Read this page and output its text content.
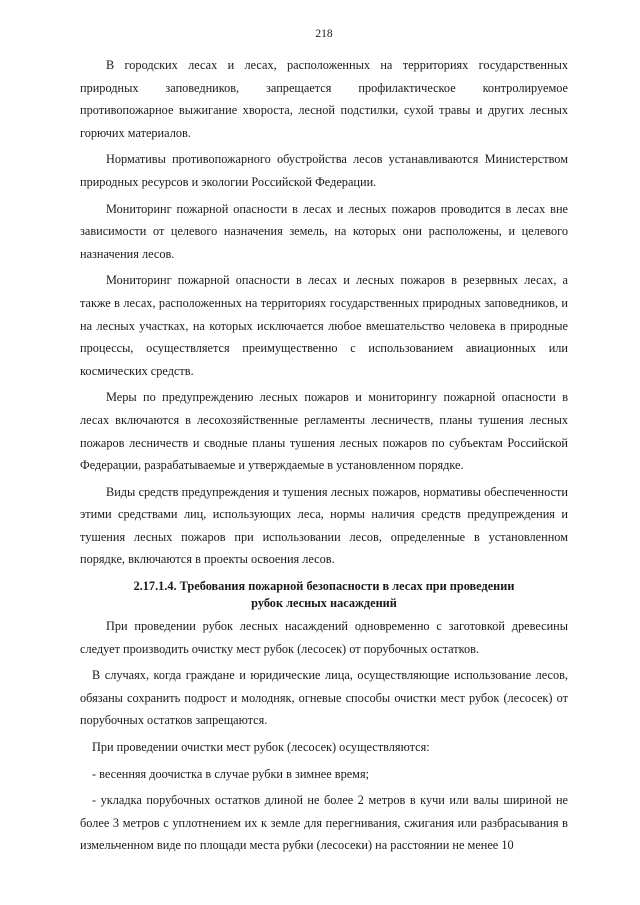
218

В городских лесах и лесах, расположенных на территориях государственных природных заповедников, запрещается профилактическое контролируемое противопожарное выжигание хвороста, лесной подстилки, сухой травы и других лесных горючих материалов.

Нормативы противопожарного обустройства лесов устанавливаются Министерством природных ресурсов и экологии Российской Федерации.

Мониторинг пожарной опасности в лесах и лесных пожаров проводится в лесах вне зависимости от целевого назначения земель, на которых они расположены, и целевого назначения лесов.

Мониторинг пожарной опасности в лесах и лесных пожаров в резервных лесах, а также в лесах, расположенных на территориях государственных природных заповедников, и на лесных участках, на которых исключается любое вмешательство человека в природные процессы, осуществляется преимущественно с использованием авиационных или космических средств.

Меры по предупреждению лесных пожаров и мониторингу пожарной опасности в лесах включаются в лесохозяйственные регламенты лесничеств, планы тушения лесных пожаров лесничеств и сводные планы тушения лесных пожаров по субъектам Российской Федерации, разрабатываемые и утверждаемые в установленном порядке.

Виды средств предупреждения и тушения лесных пожаров, нормативы обеспеченности этими средствами лиц, использующих леса, нормы наличия средств предупреждения и тушения лесных пожаров при использовании лесов, определенные в установленном порядке, включаются в проекты освоения лесов.

2.17.1.4. Требования пожарной безопасности в лесах при проведении
рубок лесных насаждений

При проведении рубок лесных насаждений одновременно с заготовкой древесины следует производить очистку мест рубок (лесосек) от порубочных остатков.

В случаях, когда граждане и юридические лица, осуществляющие использование лесов, обязаны сохранить подрост и молодняк, огневые способы очистки мест рубок (лесосек) от порубочных остатков запрещаются.

При проведении очистки мест рубок (лесосек) осуществляются:

- весенняя доочистка в случае рубки в зимнее время;

- укладка порубочных остатков длиной не более 2 метров в кучи или валы шириной не более 3 метров с уплотнением их к земле для перегнивания, сжигания или разбрасывания в измельченном виде по площади места рубки (лесосеки) на расстоянии не менее 10
